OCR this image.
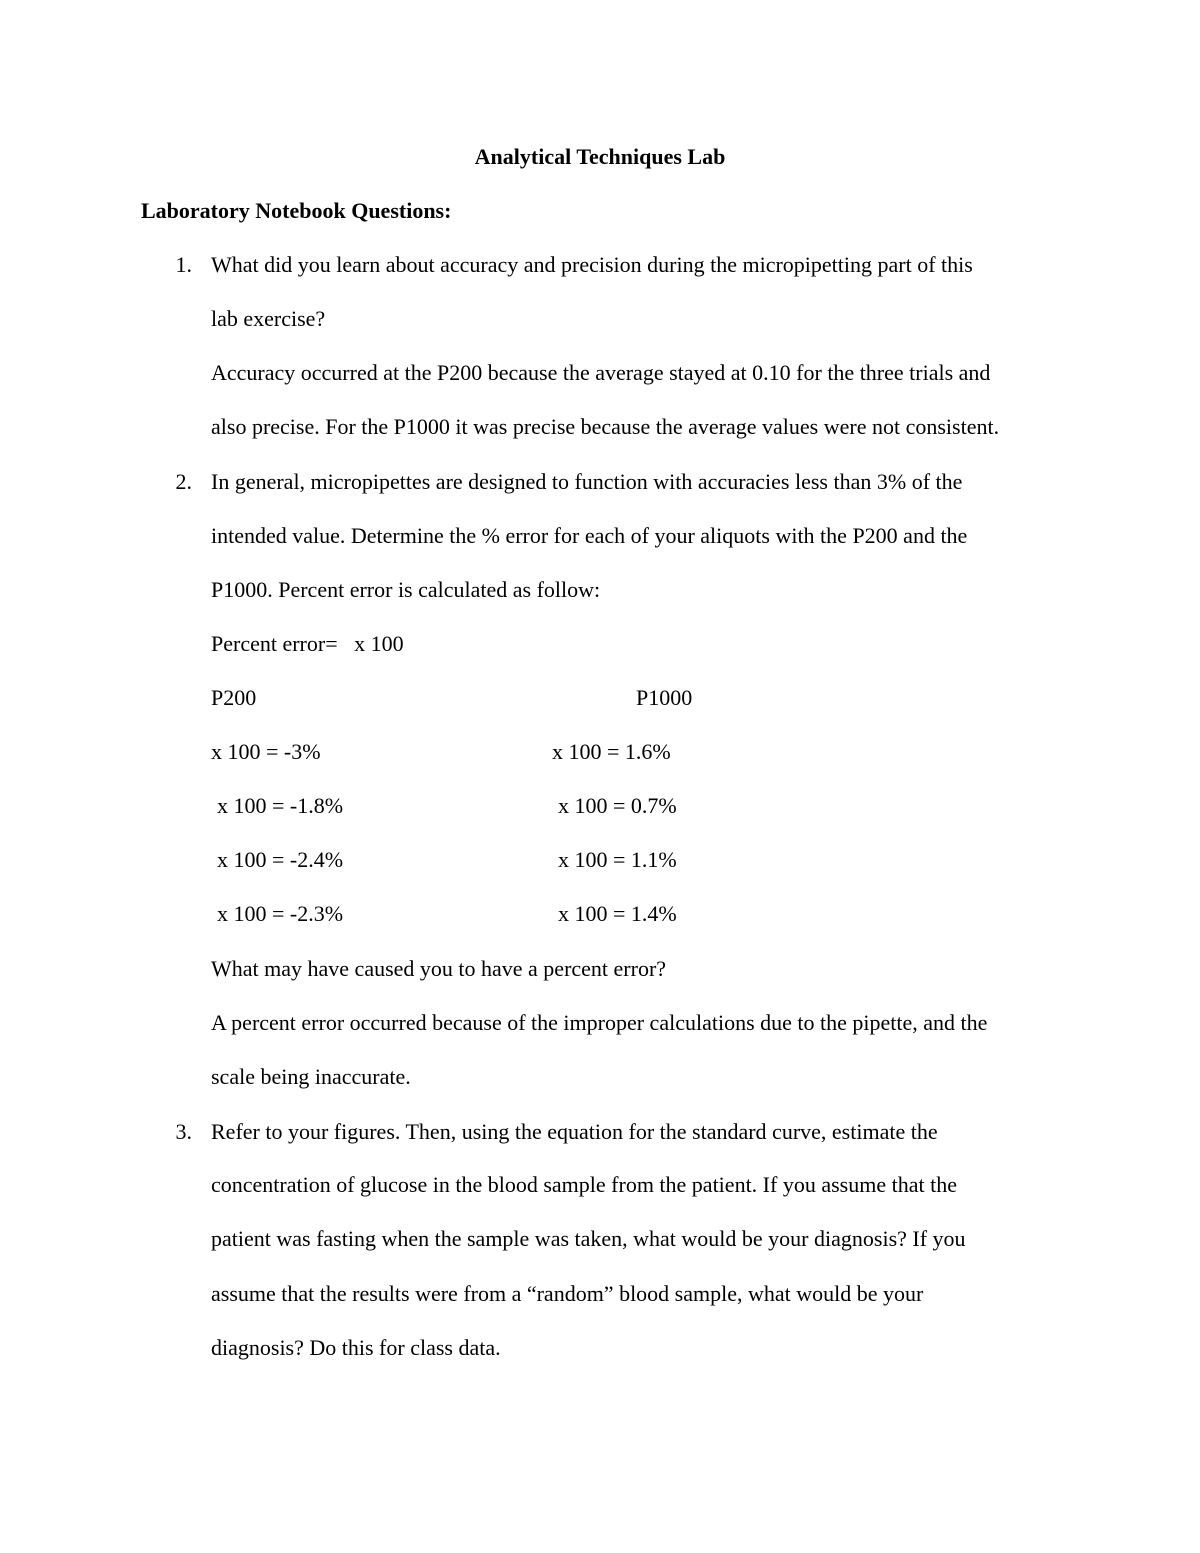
Analytical Techniques Lab
Laboratory Notebook Questions:
1. What did you learn about accuracy and precision during the micropipetting part of this
lab exercise?
Accuracy occurred at the P200 because the average stayed at 0.10 for the three trials and
also precise. For the P1000 it was precise because the average values were not consistent.
2. In general, micropipettes are designed to function with accuracies less than 3% of the
intended value. Determine the % error for each of your aliquots with the P200 and the
P1000. Percent error is calculated as follow:
Percent error=   x 100
P200	P1000
x 100 = -3%	x 100 = 1.6%
x 100 = -1.8%	x 100 = 0.7%
x 100 = -2.4%	x 100 = 1.1%
x 100 = -2.3%	x 100 = 1.4%
What may have caused you to have a percent error?
A percent error occurred because of the improper calculations due to the pipette, and the
scale being inaccurate.
3. Refer to your figures. Then, using the equation for the standard curve, estimate the
concentration of glucose in the blood sample from the patient. If you assume that the
patient was fasting when the sample was taken, what would be your diagnosis? If you
assume that the results were from a “random” blood sample, what would be your
diagnosis? Do this for class data.
